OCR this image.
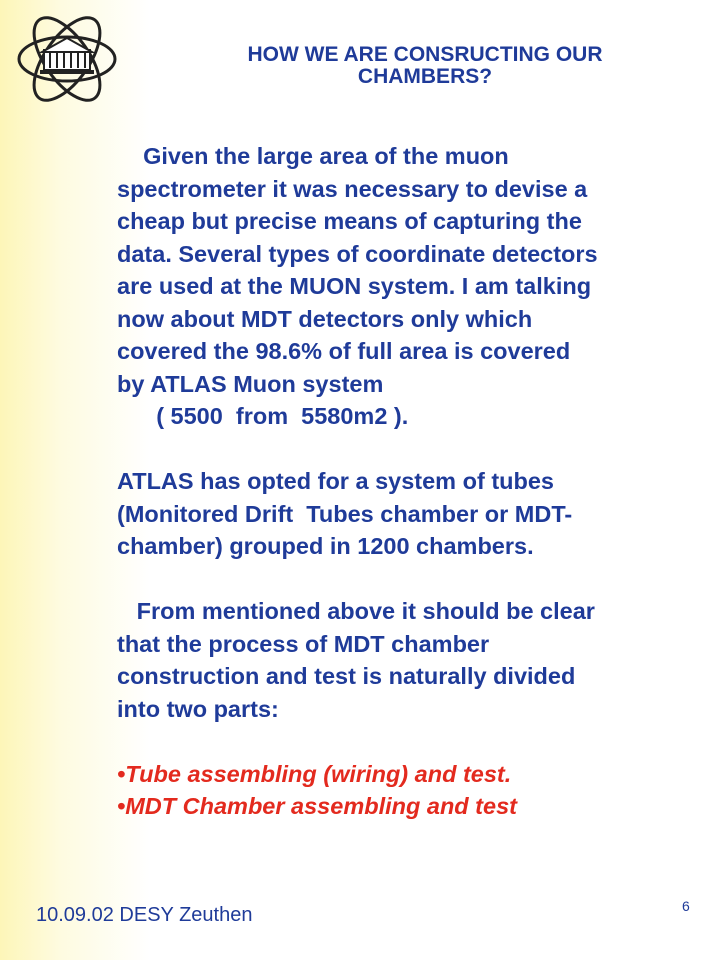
HOW WE ARE CONSRUCTING OUR
CHAMBERS?

Given the large area of the muon

spectrometer it was necessary to devise a

cheap but precise means of capturing the

data. Several types of coordinate detectors

are used at the MUON system. I am talking

now about MDT detectors only which

covered the 98.6% of full area is covered

by ATLAS Muon system

( 5500  from  5580m2 ).

ATLAS has opted for a system of tubes

(Monitored Drift  Tubes chamber or MDT-

chamber) grouped in 1200 chambers.

From mentioned above it should be clear

that the process of MDT chamber

construction and test is naturally divided

into two parts:

•Tube assembling (wiring) and test.

•MDT Chamber assembling and test

10.09.02 DESY Zeuthen	6
